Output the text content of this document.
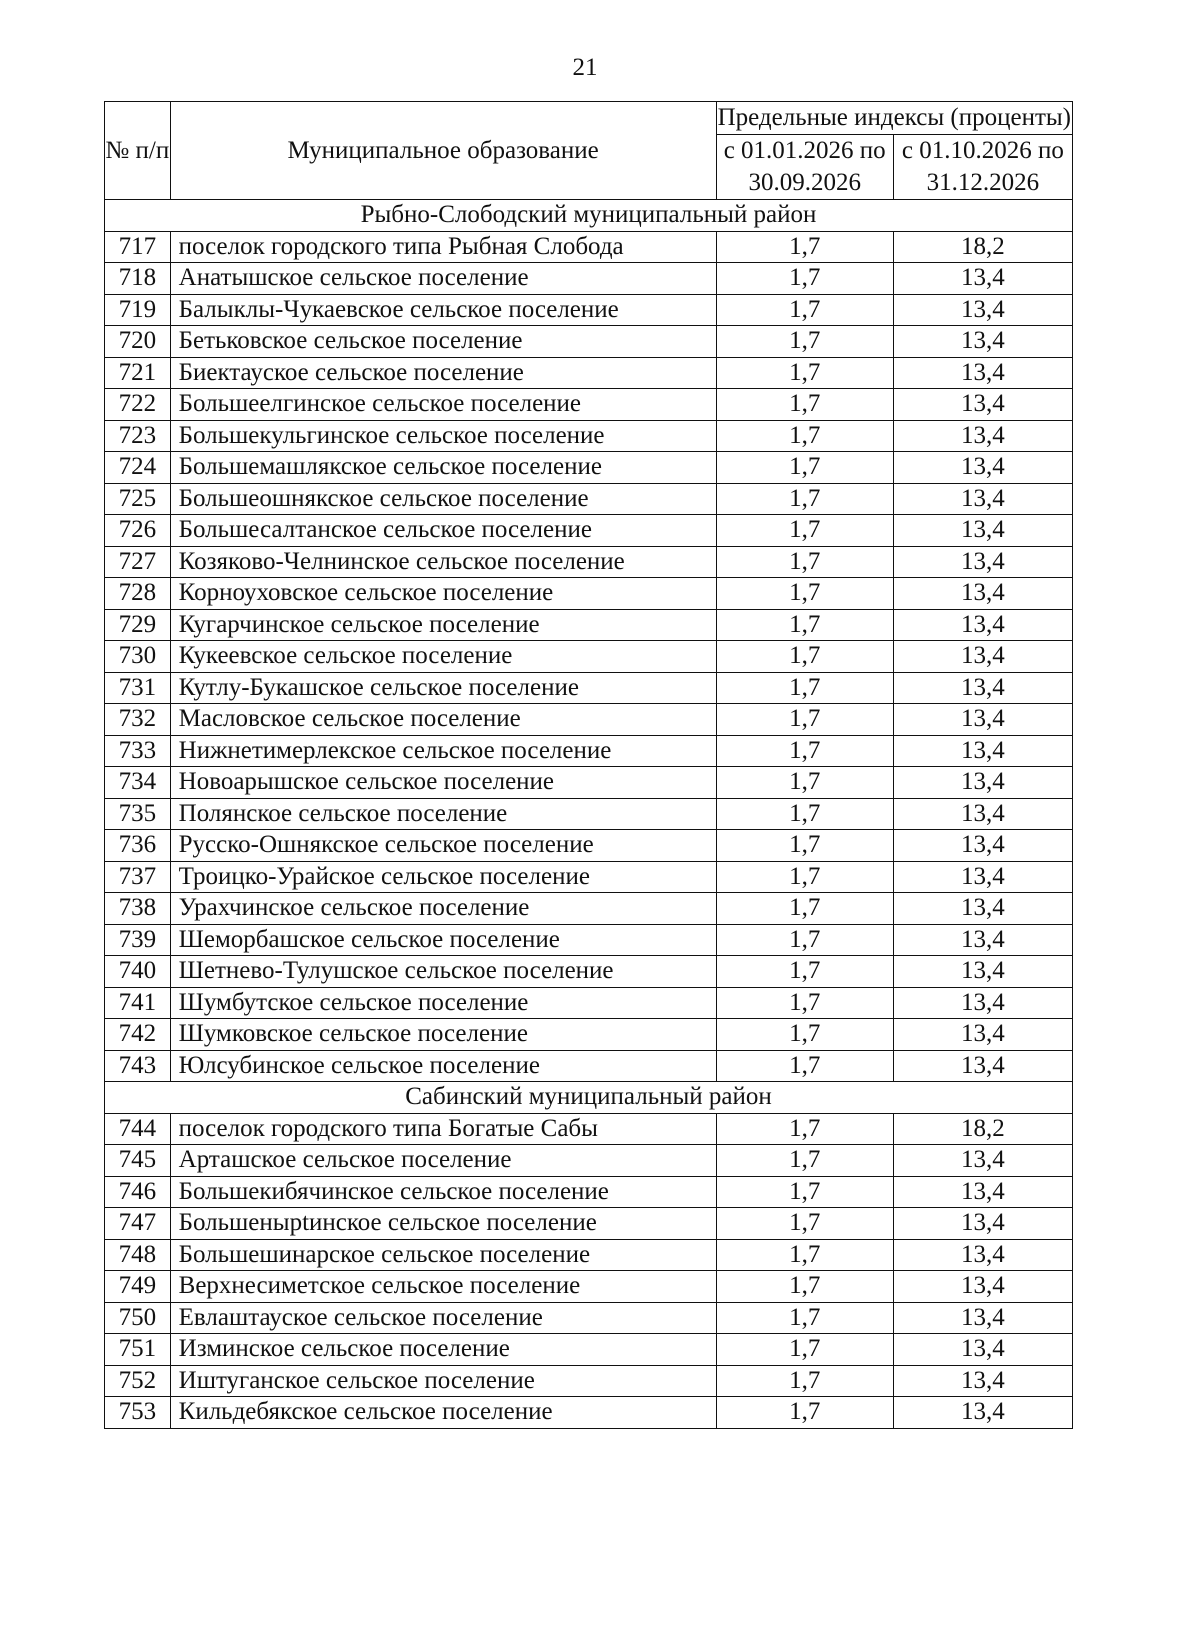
21
№ п/п	Муниципальное образование	Предельные индексы (проценты)	
		с 01.01.2026 по 30.09.2026	с 01.10.2026 по 31.12.2026
Рыбно-Слободский муниципальный район			
717	поселок городского типа Рыбная Слобода	1,7	18,2
718	Анатышское сельское поселение	1,7	13,4
719	Балыклы-Чукаевское сельское поселение	1,7	13,4
720	Бетьковское сельское поселение	1,7	13,4
721	Биектауское сельское поселение	1,7	13,4
722	Большеелгинское сельское поселение	1,7	13,4
723	Большекульгинское сельское поселение	1,7	13,4
724	Большемашлякское сельское поселение	1,7	13,4
725	Большеошнякское сельское поселение	1,7	13,4
726	Большесалтанское сельское поселение	1,7	13,4
727	Козяково-Челнинское сельское поселение	1,7	13,4
728	Корноуховское сельское поселение	1,7	13,4
729	Кугарчинское сельское поселение	1,7	13,4
730	Кукеевское сельское поселение	1,7	13,4
731	Кутлу-Букашское сельское поселение	1,7	13,4
732	Масловское сельское поселение	1,7	13,4
733	Нижнетимерлекское сельское поселение	1,7	13,4
734	Новоарышское сельское поселение	1,7	13,4
735	Полянское сельское поселение	1,7	13,4
736	Русско-Ошнякское сельское поселение	1,7	13,4
737	Троицко-Урайское сельское поселение	1,7	13,4
738	Урахчинское сельское поселение	1,7	13,4
739	Шеморбашское сельское поселение	1,7	13,4
740	Шетнево-Тулушское сельское поселение	1,7	13,4
741	Шумбутское сельское поселение	1,7	13,4
742	Шумковское сельское поселение	1,7	13,4
743	Юлсубинское сельское поселение	1,7	13,4
Сабинский муниципальный район			
744	поселок городского типа Богатые Сабы	1,7	18,2
745	Арташское сельское поселение	1,7	13,4
746	Большекибячинское сельское поселение	1,7	13,4
747	Большенырtинское сельское поселение	1,7	13,4
748	Большешинарское сельское поселение	1,7	13,4
749	Верхнесиметское сельское поселение	1,7	13,4
750	Евлаштауское сельское поселение	1,7	13,4
751	Изминское сельское поселение	1,7	13,4
752	Иштуганское сельское поселение	1,7	13,4
753	Кильдебякское сельское поселение	1,7	13,4
